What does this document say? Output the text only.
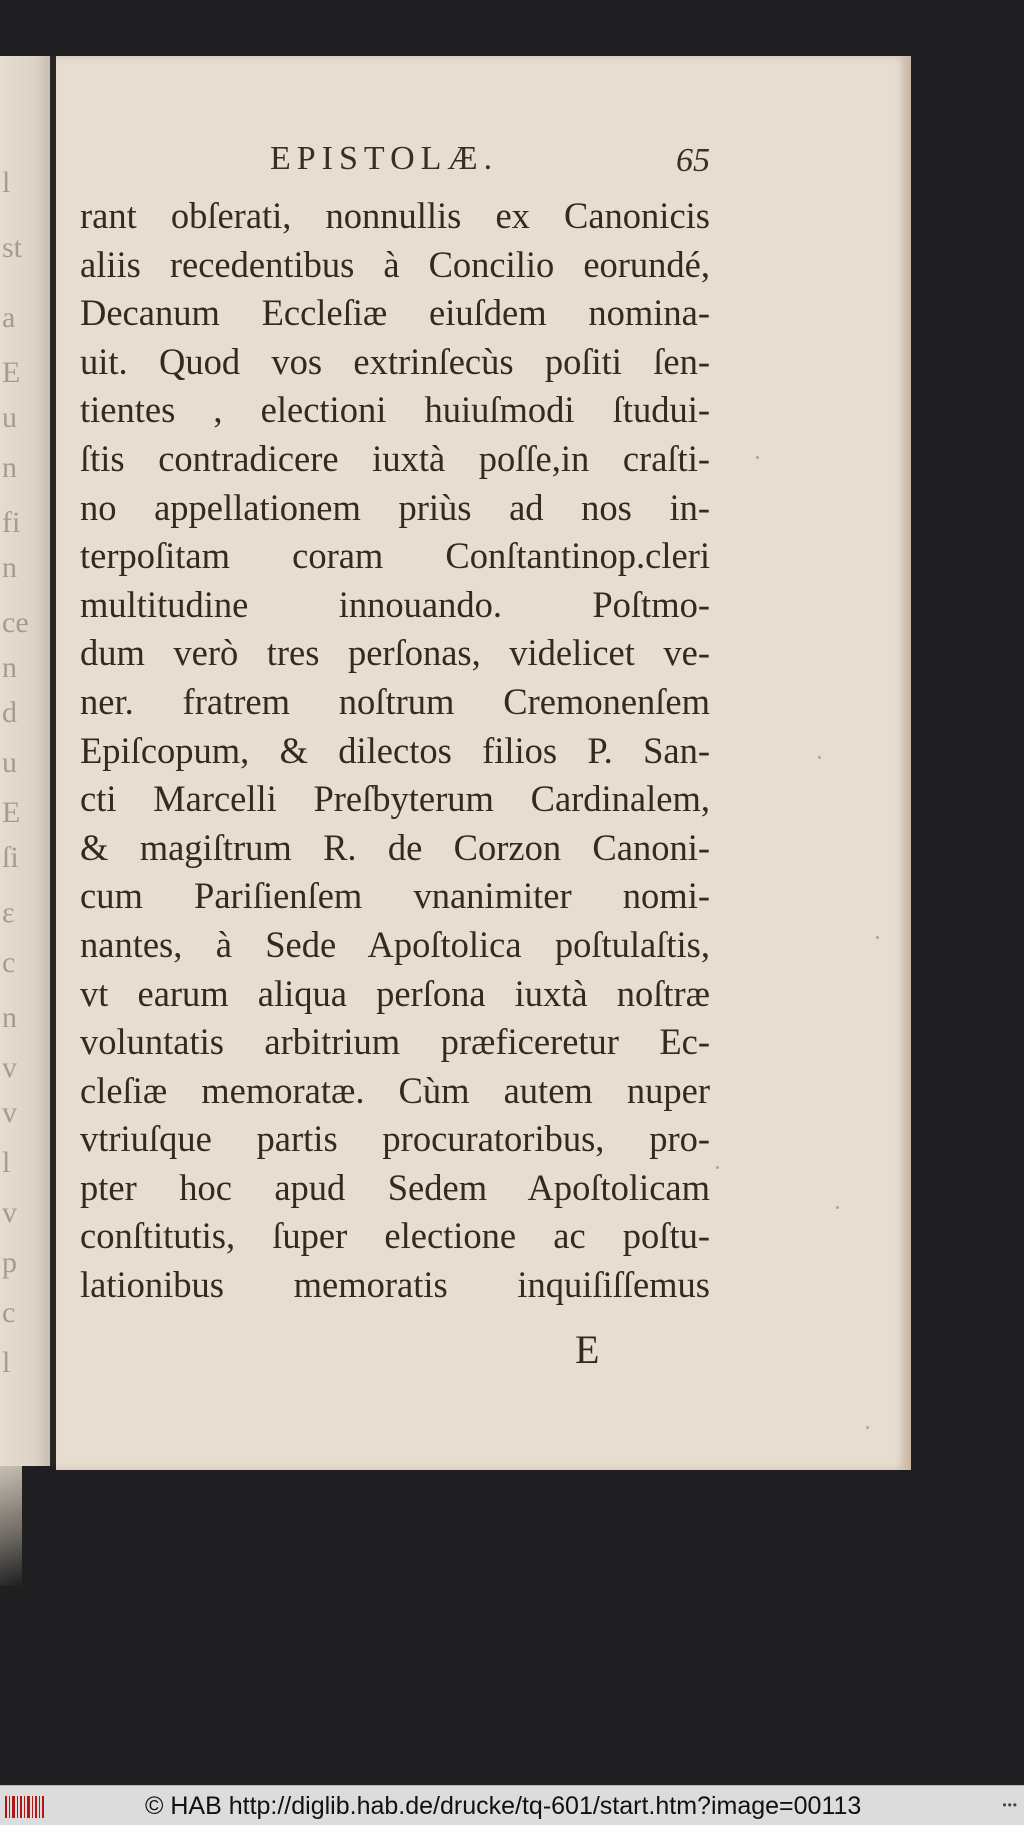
l
st
a
E
u
n
fi
n
ce
n
d
u
E
ſi
ε
c
n
v
v
l
v
p
c
l
EPISTOLÆ.	65
rant obſerati, nonnullis ex Canonicis
aliis recedentibus à Concilio eorundé,
Decanum Eccleſiæ eiuſdem nomina-
uit. Quod vos extrinſecùs poſiti ſen-
tientes , electioni huiuſmodi ſtudui-
ſtis contradicere iuxtà poſſe,in craſti-
no appellationem priùs ad nos in-
terpoſitam coram Conſtantinop.cleri
multitudine innouando. Poſtmo-
dum verò tres perſonas, videlicet ve-
ner. fratrem noſtrum Cremonenſem
Epiſcopum, & dilectos filios P. San-
cti Marcelli Preſbyterum Cardinalem,
& magiſtrum R. de Corzon Canoni-
cum Pariſienſem vnanimiter nomi-
nantes, à Sede Apoſtolica poſtulaſtis,
vt earum aliqua perſona iuxtà noſtræ
voluntatis arbitrium præficeretur Ec-
cleſiæ memoratæ. Cùm autem nuper
vtriuſque partis procuratoribus, pro-
pter hoc apud Sedem Apoſtolicam
conſtitutis, ſuper electione ac poſtu-
lationibus memoratis inquiſiſſemus
E
© HAB http://diglib.hab.de/drucke/tq-601/start.htm?image=00113	•••
